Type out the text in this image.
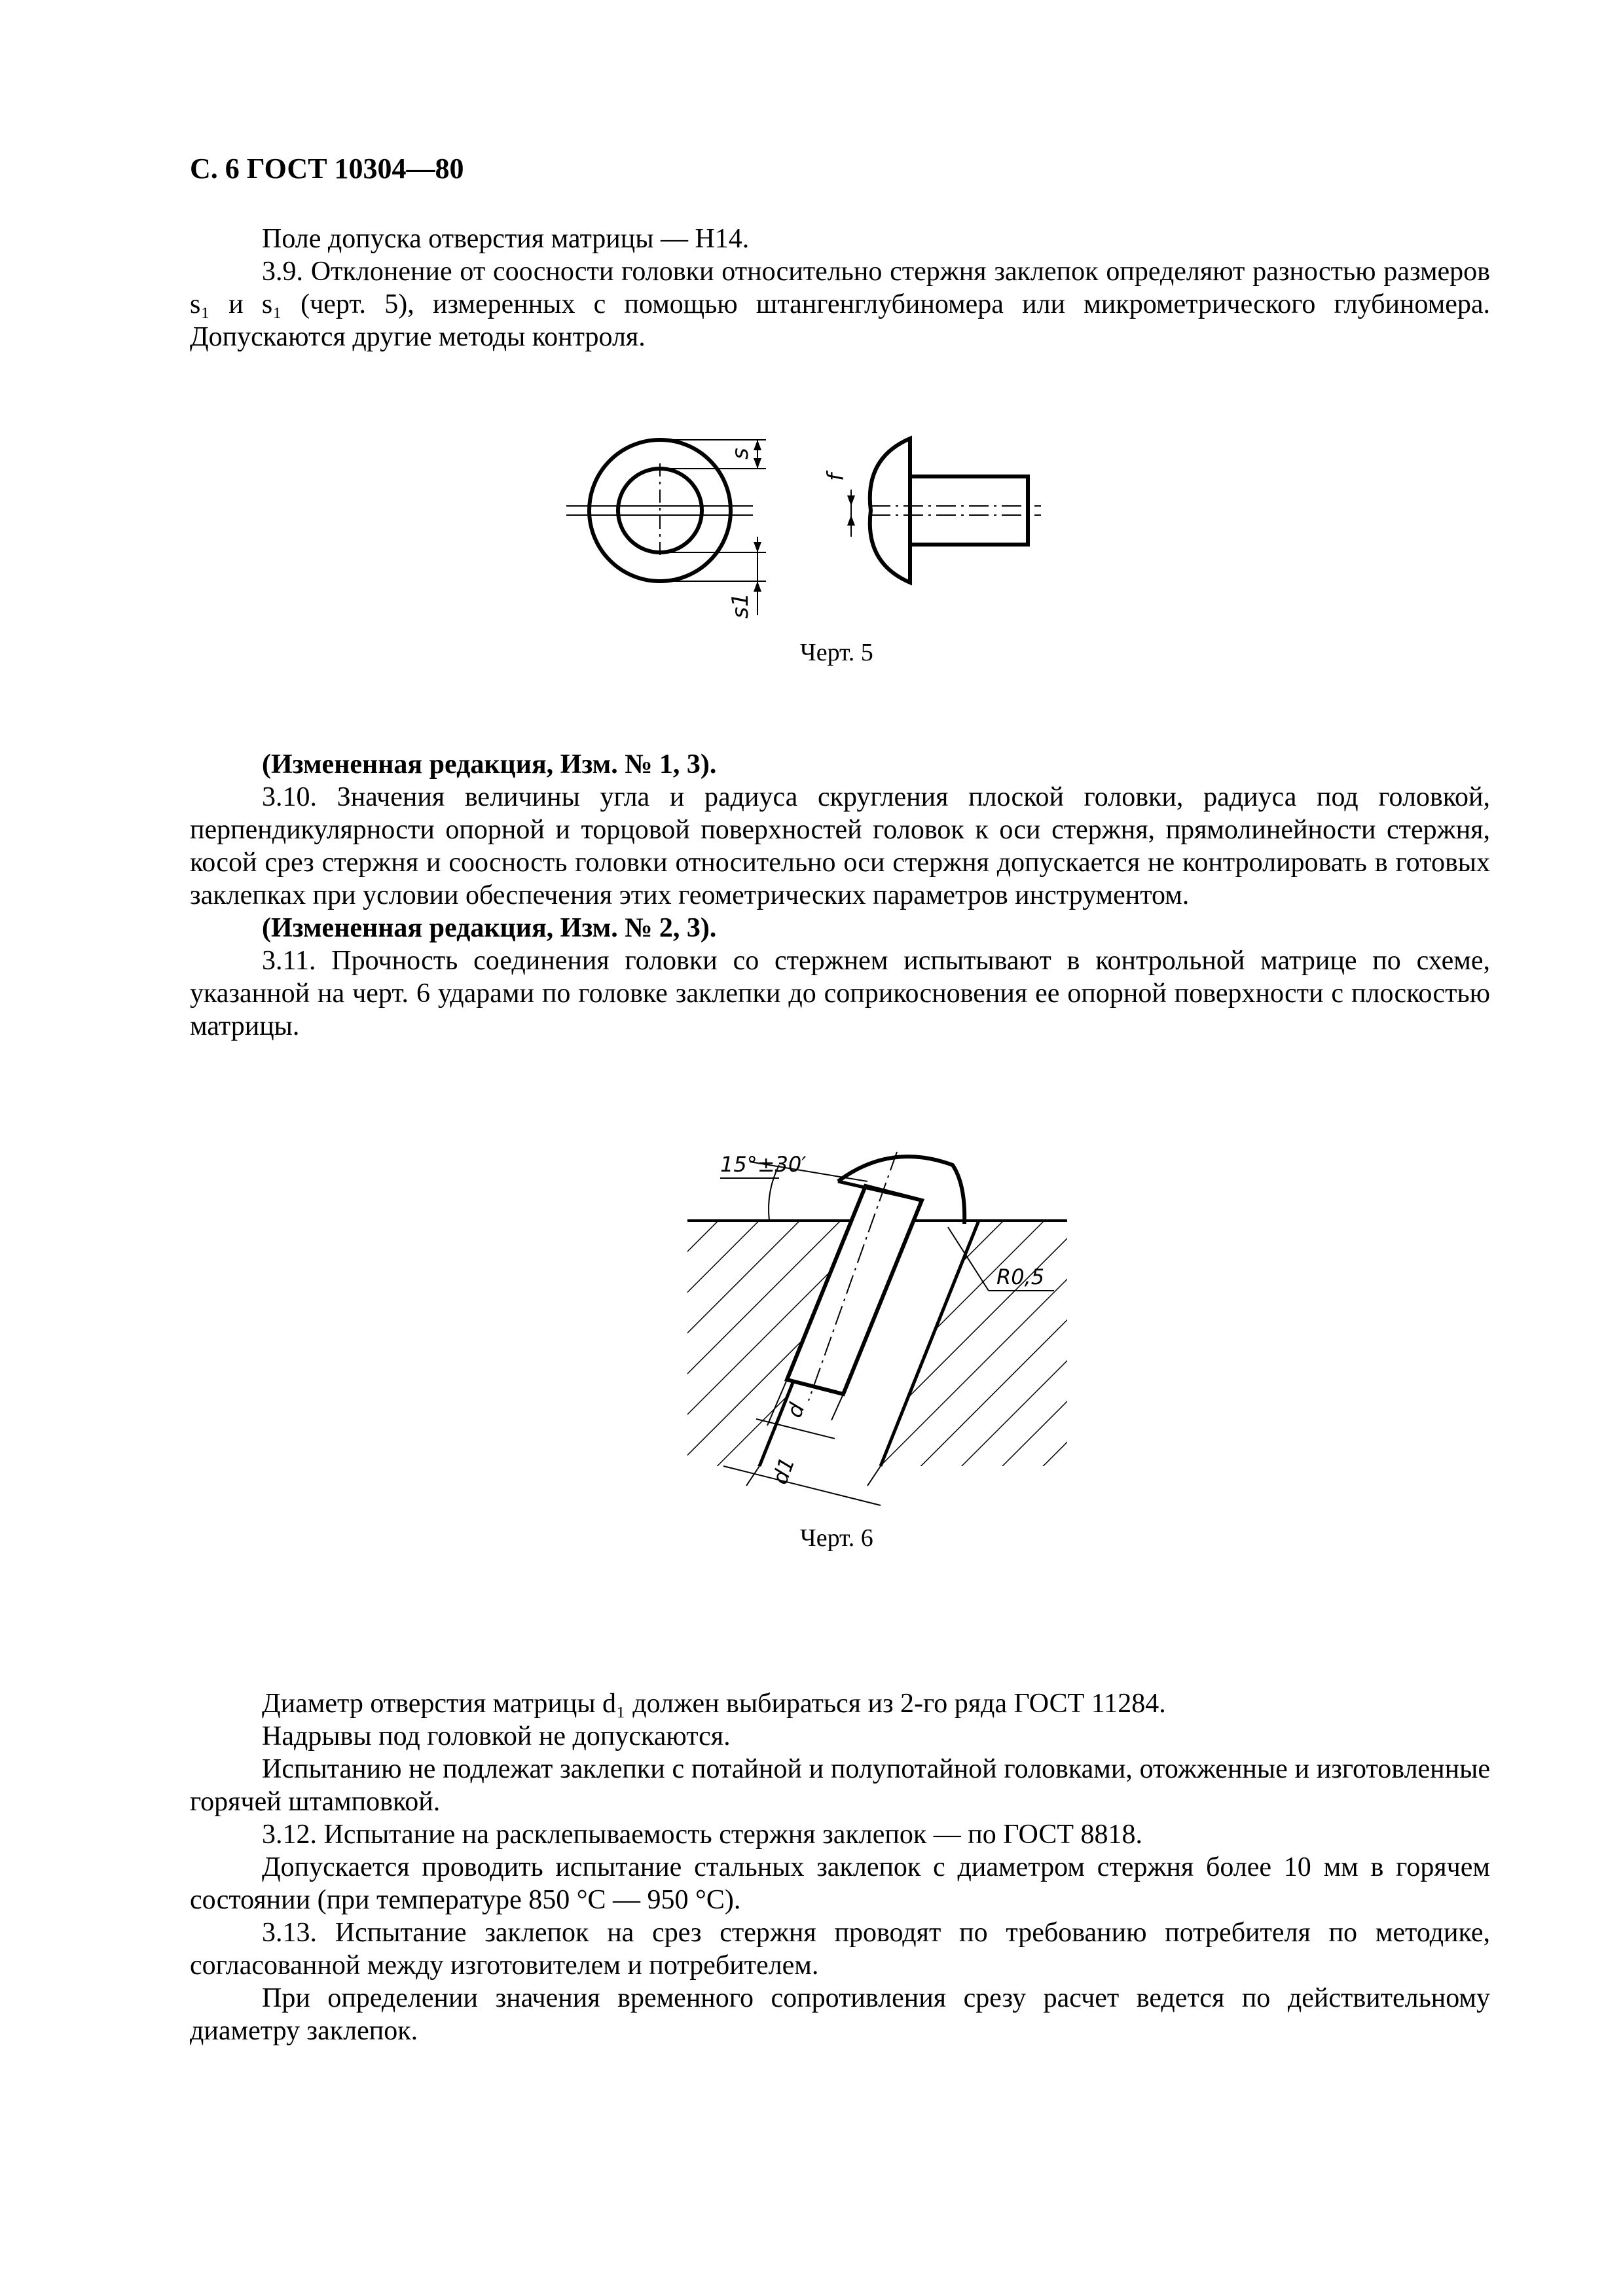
С. 6 ГОСТ 10304—80

Поле допуска отверстия матрицы — Н14.

3.9. Отклонение от соосности головки относительно стержня заклепок определяют разностью размеров s₁ и s₁ (черт. 5), измеренных с помощью штангенглубиномера или микрометрического глубиномера. Допускаются другие методы контроля.

s
s1
f
Черт. 5

(Измененная редакция, Изм. № 1, 3).

3.10. Значения величины угла и радиуса скругления плоской головки, радиуса под головкой, перпендикулярности опорной и торцовой поверхностей головок к оси стержня, прямолинейности стержня, косой срез стержня и соосность головки относительно оси стержня допускается не контролировать в готовых заклепках при условии обеспечения этих геометрических параметров инструментом.

(Измененная редакция, Изм. № 2, 3).

3.11. Прочность соединения головки со стержнем испытывают в контрольной матрице по схеме, указанной на черт. 6 ударами по головке заклепки до соприкосновения ее опорной поверхности с плоскостью матрицы.

15°±30′
R0,5
d
d1
Черт. 6

Диаметр отверстия матрицы d₁ должен выбираться из 2-го ряда ГОСТ 11284.

Надрывы под головкой не допускаются.

Испытанию не подлежат заклепки с потайной и полупотайной головками, отожженные и изготовленные горячей штамповкой.

3.12. Испытание на расклепываемость стержня заклепок — по ГОСТ 8818.

Допускается проводить испытание стальных заклепок с диаметром стержня более 10 мм в горячем состоянии (при температуре 850 °С — 950 °С).

3.13. Испытание заклепок на срез стержня проводят по требованию потребителя по методике, согласованной между изготовителем и потребителем.

При определении значения временного сопротивления срезу расчет ведется по действительному диаметру заклепок.
